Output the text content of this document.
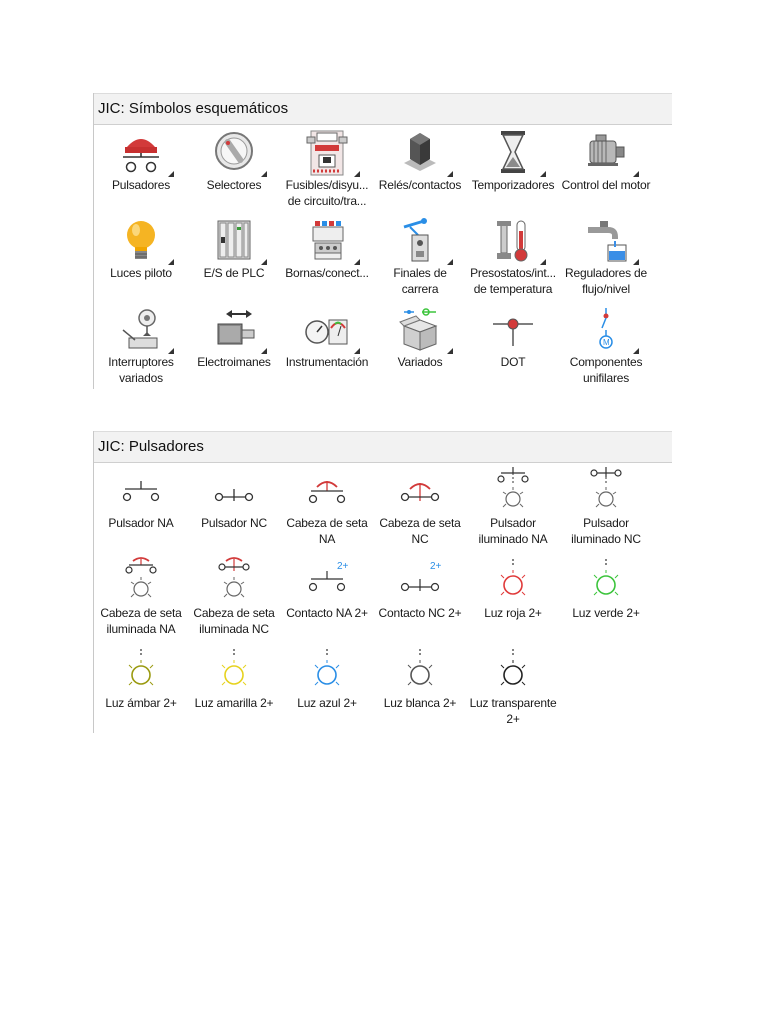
JIC: Símbolos esquemáticos
Pulsadores	Selectores	Fusibles/disyu...
de circuito/tra...
Relés/contactos Temporizadores Control del motor
Luces piloto	E/S de PLC	Bornas/conect...	Finales de
carrera
Presostatos/int...
de temperatura
Reguladores de
flujo/nivel
Interruptores
variados
Electroimanes	Instrumentación	Variados	DOT
M
Componentes
unifilares
JIC: Pulsadores
Pulsador NA	Pulsador NC	Cabeza de seta
NA
Cabeza de seta
NC
Pulsador
iluminado NA
Pulsador
iluminado NC
Cabeza de seta
iluminada NA
Cabeza de seta
iluminada NC
2+
Contacto NA 2+
2+
Contacto NC 2+	Luz roja 2+	Luz verde 2+
Luz ámbar 2+	Luz amarilla 2+	Luz azul 2+	Luz blanca 2+	Luz transparente
2+
